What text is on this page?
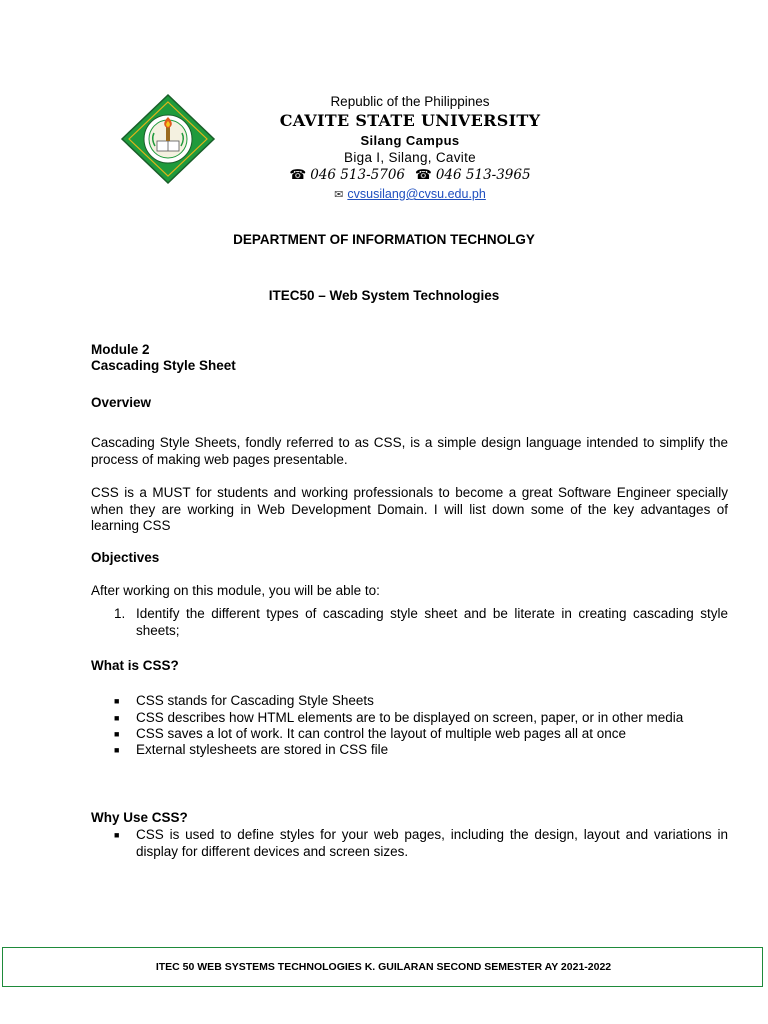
Republic of the Philippines
CAVITE STATE UNIVERSITY
Silang Campus
Biga I, Silang, Cavite
☎ 046 513-5706 ☎ 046 513-3965
✉ cvsusilang@cvsu.edu.ph
DEPARTMENT OF INFORMATION TECHNOLGY
ITEC50 – Web System Technologies
Module 2
Cascading Style Sheet
Overview
Cascading Style Sheets, fondly referred to as CSS, is a simple design language intended to simplify the process of making web pages presentable.
CSS is a MUST for students and working professionals to become a great Software Engineer specially when they are working in Web Development Domain. I will list down some of the key advantages of learning CSS
Objectives
After working on this module, you will be able to:
1. Identify the different types of cascading style sheet and be literate in creating cascading style sheets;
What is CSS?
■ CSS stands for Cascading Style Sheets
■ CSS describes how HTML elements are to be displayed on screen, paper, or in other media
■ CSS saves a lot of work. It can control the layout of multiple web pages all at once
■ External stylesheets are stored in CSS file
Why Use CSS?
■ CSS is used to define styles for your web pages, including the design, layout and variations in display for different devices and screen sizes.
ITEC 50 WEB SYSTEMS TECHNOLOGIES K. GUILARAN SECOND SEMESTER AY 2021-2022
